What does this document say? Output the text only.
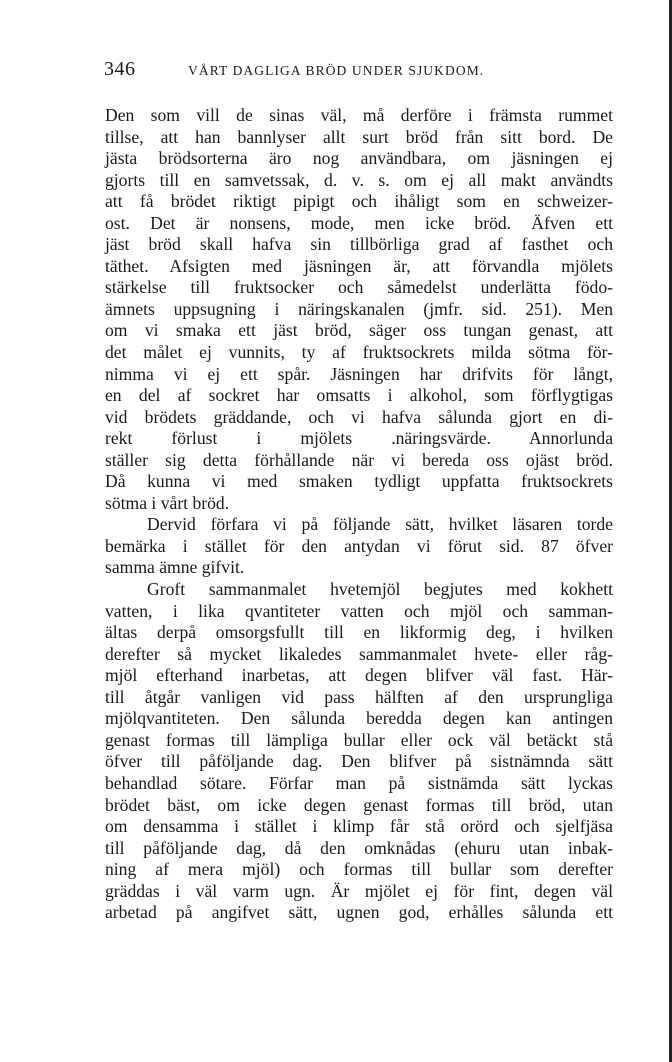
346	VÅRT DAGLIGA BRÖD UNDER SJUKDOM.
Den som vill de sinas väl, må derföre i främsta rummet
tillse, att han bannlyser allt surt bröd från sitt bord. De
jästa brödsorterna äro nog användbara, om jäsningen ej
gjorts till en samvetssak, d. v. s. om ej all makt användts
att få brödet riktigt pipigt och ihåligt som en schweizer-
ost. Det är nonsens, mode, men icke bröd. Äfven ett
jäst bröd skall hafva sin tillbörliga grad af fasthet och
täthet. Afsigten med jäsningen är, att förvandla mjölets
stärkelse till fruktsocker och såmedelst underlätta födo-
ämnets uppsugning i näringskanalen (jmfr. sid. 251). Men
om vi smaka ett jäst bröd, säger oss tungan genast, att
det målet ej vunnits, ty af fruktsockrets milda sötma för-
nimma vi ej ett spår. Jäsningen har drifvits för långt,
en del af sockret har omsatts i alkohol, som förflygtigas
vid brödets gräddande, och vi hafva sålunda gjort en di-
rekt förlust i mjölets .näringsvärde. Annorlunda
ställer sig detta förhållande när vi bereda oss ojäst bröd.
Då kunna vi med smaken tydligt uppfatta fruktsockrets
sötma i vårt bröd.
Dervid förfara vi på följande sätt, hvilket läsaren torde
bemärka i stället för den antydan vi förut sid. 87 öfver
samma ämne gifvit.
Groft sammanmalet hvetemjöl begjutes med kokhett
vatten, i lika qvantiteter vatten och mjöl och samman-
ältas derpå omsorgsfullt till en likformig deg, i hvilken
derefter så mycket likaledes sammanmalet hvete- eller råg-
mjöl efterhand inarbetas, att degen blifver väl fast. Här-
till åtgår vanligen vid pass hälften af den ursprungliga
mjölqvantiteten. Den sålunda beredda degen kan antingen
genast formas till lämpliga bullar eller ock väl betäckt stå
öfver till påföljande dag. Den blifver på sistnämnda sätt
behandlad sötare. Förfar man på sistnämda sätt lyckas
brödet bäst, om icke degen genast formas till bröd, utan
om densamma i stället i klimp får stå orörd och sjelfjäsa
till påföljande dag, då den omknådas (ehuru utan inbak-
ning af mera mjöl) och formas till bullar som derefter
gräddas i väl varm ugn. Är mjölet ej för fint, degen väl
arbetad på angifvet sätt, ugnen god, erhålles sålunda ett
